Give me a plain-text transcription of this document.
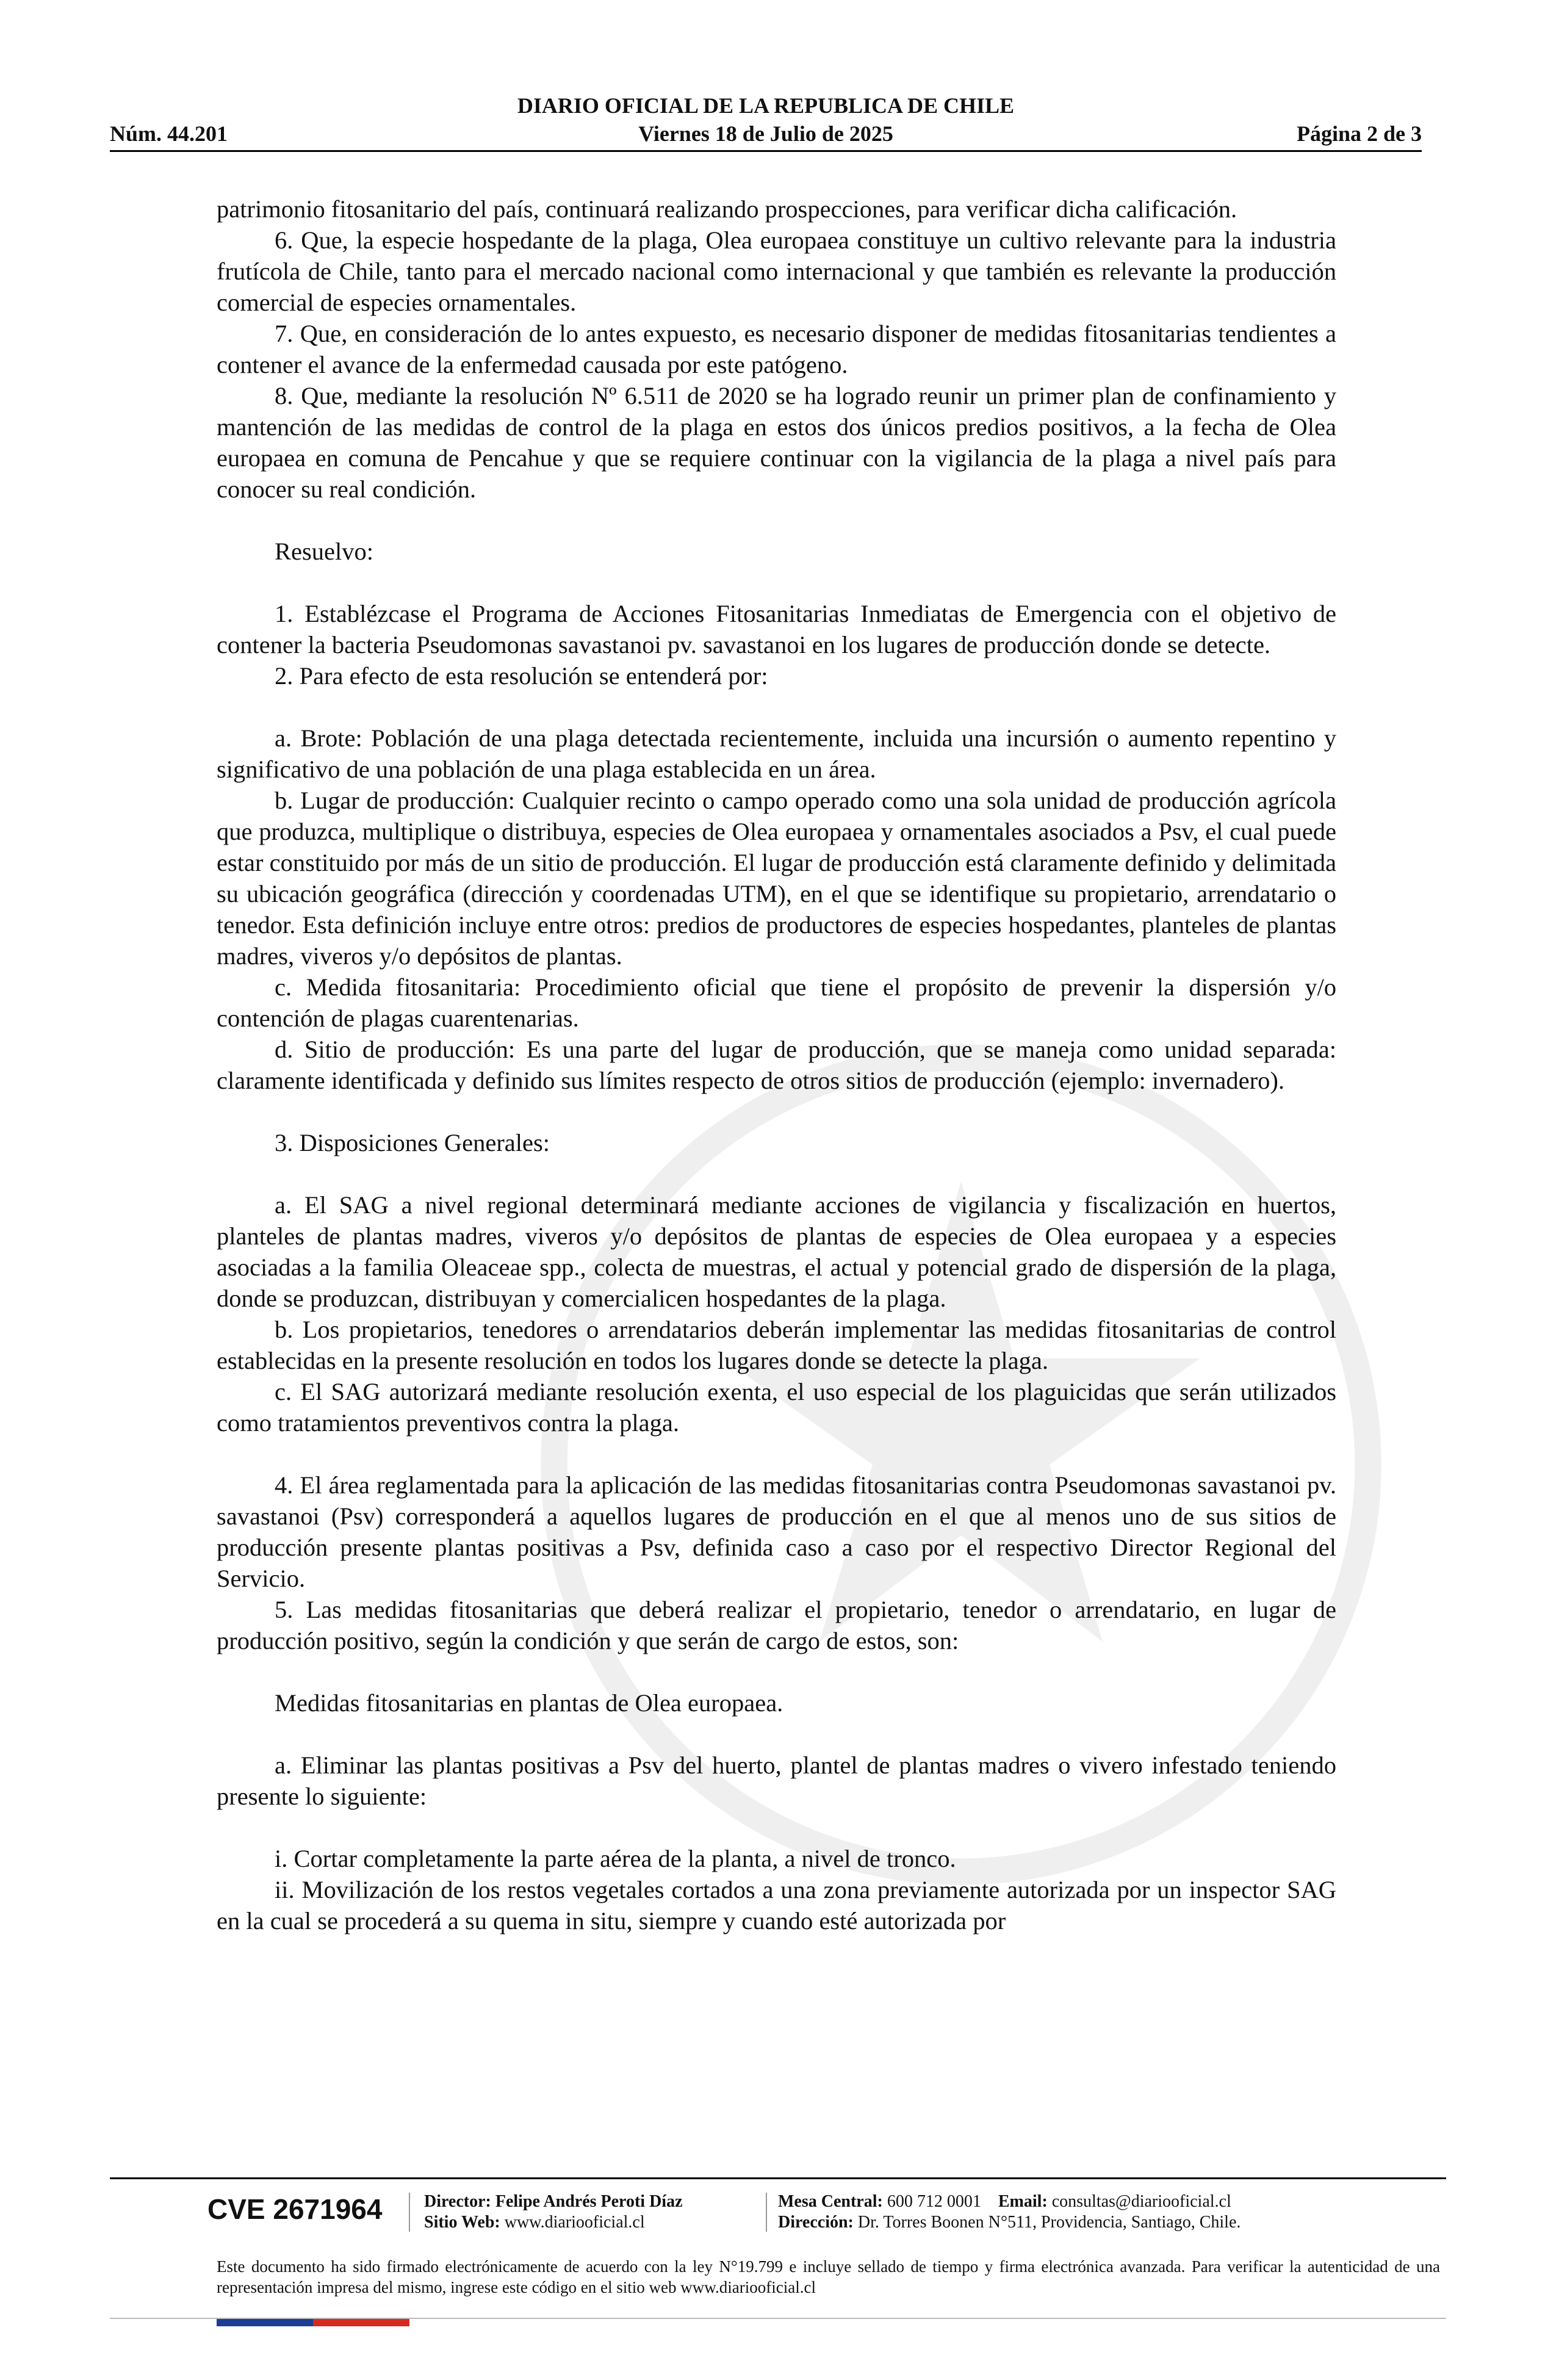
DIARIO OFICIAL DE LA REPUBLICA DE CHILE
Núm. 44.201	Viernes 18 de Julio de 2025	Página 2 de 3

patrimonio fitosanitario del país, continuará realizando prospecciones, para verificar dicha calificación.

6. Que, la especie hospedante de la plaga, Olea europaea constituye un cultivo relevante para la industria frutícola de Chile, tanto para el mercado nacional como internacional y que también es relevante la producción comercial de especies ornamentales.

7. Que, en consideración de lo antes expuesto, es necesario disponer de medidas fitosanitarias tendientes a contener el avance de la enfermedad causada por este patógeno.

8. Que, mediante la resolución Nº 6.511 de 2020 se ha logrado reunir un primer plan de confinamiento y mantención de las medidas de control de la plaga en estos dos únicos predios positivos, a la fecha de Olea europaea en comuna de Pencahue y que se requiere continuar con la vigilancia de la plaga a nivel país para conocer su real condición.

Resuelvo:

1. Establézcase el Programa de Acciones Fitosanitarias Inmediatas de Emergencia con el objetivo de contener la bacteria Pseudomonas savastanoi pv. savastanoi en los lugares de producción donde se detecte.

2. Para efecto de esta resolución se entenderá por:

a. Brote: Población de una plaga detectada recientemente, incluida una incursión o aumento repentino y significativo de una población de una plaga establecida en un área.

b. Lugar de producción: Cualquier recinto o campo operado como una sola unidad de producción agrícola que produzca, multiplique o distribuya, especies de Olea europaea y ornamentales asociados a Psv, el cual puede estar constituido por más de un sitio de producción. El lugar de producción está claramente definido y delimitada su ubicación geográfica (dirección y coordenadas UTM), en el que se identifique su propietario, arrendatario o tenedor. Esta definición incluye entre otros: predios de productores de especies hospedantes, planteles de plantas madres, viveros y/o depósitos de plantas.

c. Medida fitosanitaria: Procedimiento oficial que tiene el propósito de prevenir la dispersión y/o contención de plagas cuarentenarias.

d. Sitio de producción: Es una parte del lugar de producción, que se maneja como unidad separada: claramente identificada y definido sus límites respecto de otros sitios de producción (ejemplo: invernadero).

3. Disposiciones Generales:

a. El SAG a nivel regional determinará mediante acciones de vigilancia y fiscalización en huertos, planteles de plantas madres, viveros y/o depósitos de plantas de especies de Olea europaea y a especies asociadas a la familia Oleaceae spp., colecta de muestras, el actual y potencial grado de dispersión de la plaga, donde se produzcan, distribuyan y comercialicen hospedantes de la plaga.

b. Los propietarios, tenedores o arrendatarios deberán implementar las medidas fitosanitarias de control establecidas en la presente resolución en todos los lugares donde se detecte la plaga.

c. El SAG autorizará mediante resolución exenta, el uso especial de los plaguicidas que serán utilizados como tratamientos preventivos contra la plaga.

4. El área reglamentada para la aplicación de las medidas fitosanitarias contra Pseudomonas savastanoi pv. savastanoi (Psv) corresponderá a aquellos lugares de producción en el que al menos uno de sus sitios de producción presente plantas positivas a Psv, definida caso a caso por el respectivo Director Regional del Servicio.

5. Las medidas fitosanitarias que deberá realizar el propietario, tenedor o arrendatario, en lugar de producción positivo, según la condición y que serán de cargo de estos, son:

Medidas fitosanitarias en plantas de Olea europaea.

a. Eliminar las plantas positivas a Psv del huerto, plantel de plantas madres o vivero infestado teniendo presente lo siguiente:

i. Cortar completamente la parte aérea de la planta, a nivel de tronco.

ii. Movilización de los restos vegetales cortados a una zona previamente autorizada por un inspector SAG en la cual se procederá a su quema in situ, siempre y cuando esté autorizada por

CVE 2671964 Director: Felipe Andrés Peroti Díaz
Sitio Web: www.diariooficial.cl
Mesa Central: 600 712 0001 Email: consultas@diariooficial.cl
Dirección: Dr. Torres Boonen N°511, Providencia, Santiago, Chile.
Este documento ha sido firmado electrónicamente de acuerdo con la ley N°19.799 e incluye sellado de tiempo y firma electrónica avanzada. Para verificar la autenticidad de una representación impresa del mismo, ingrese este código en el sitio web www.diariooficial.cl
